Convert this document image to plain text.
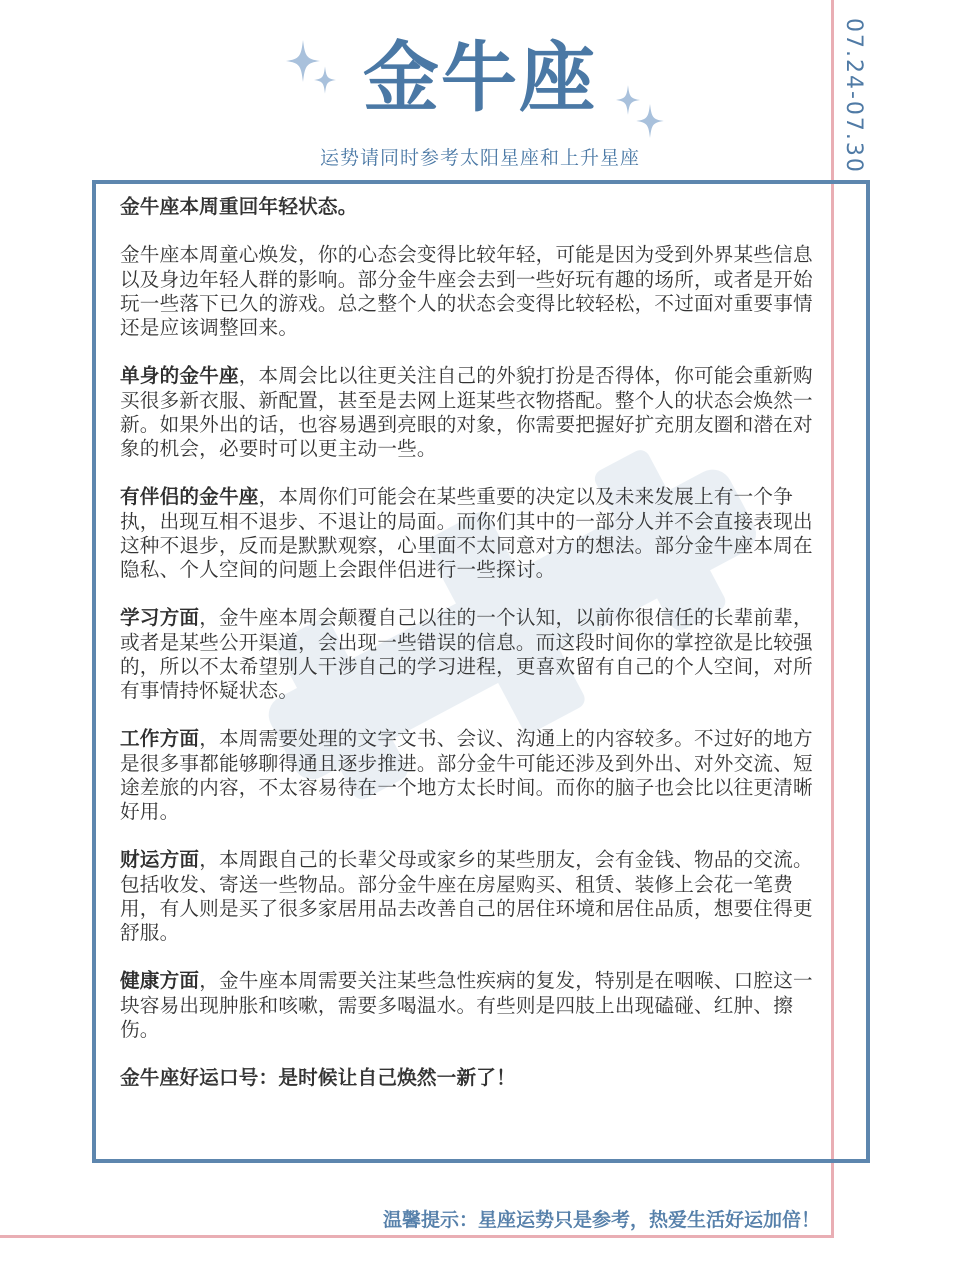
07.24-07.30
金牛座
运势请同时参考太阳星座和上升星座

金牛座本周重回年轻状态。

金牛座本周童心焕发，你的心态会变得比较年轻，可能是因为受到外界某些信息以及身边年轻人群的影响。部分金牛座会去到一些好玩有趣的场所，或者是开始玩一些落下已久的游戏。总之整个人的状态会变得比较轻松，不过面对重要事情还是应该调整回来。

单身的金牛座，本周会比以往更关注自己的外貌打扮是否得体，你可能会重新购买很多新衣服、新配置，甚至是去网上逛某些衣物搭配。整个人的状态会焕然一新。如果外出的话，也容易遇到亮眼的对象，你需要把握好扩充朋友圈和潜在对象的机会，必要时可以更主动一些。

有伴侣的金牛座，本周你们可能会在某些重要的决定以及未来发展上有一个争执，出现互相不退步、不退让的局面。而你们其中的一部分人并不会直接表现出这种不退步，反而是默默观察，心里面不太同意对方的想法。部分金牛座本周在隐私、个人空间的问题上会跟伴侣进行一些探讨。

学习方面，金牛座本周会颠覆自己以往的一个认知，以前你很信任的长辈前辈，或者是某些公开渠道，会出现一些错误的信息。而这段时间你的掌控欲是比较强的，所以不太希望别人干涉自己的学习进程，更喜欢留有自己的个人空间，对所有事情持怀疑状态。

工作方面，本周需要处理的文字文书、会议、沟通上的内容较多。不过好的地方是很多事都能够聊得通且逐步推进。部分金牛可能还涉及到外出、对外交流、短途差旅的内容，不太容易待在一个地方太长时间。而你的脑子也会比以往更清晰好用。

财运方面，本周跟自己的长辈父母或家乡的某些朋友，会有金钱、物品的交流。包括收发、寄送一些物品。部分金牛座在房屋购买、租赁、装修上会花一笔费用，有人则是买了很多家居用品去改善自己的居住环境和居住品质，想要住得更舒服。

健康方面，金牛座本周需要关注某些急性疾病的复发，特别是在咽喉、口腔这一块容易出现肿胀和咳嗽，需要多喝温水。有些则是四肢上出现磕碰、红肿、擦伤。

金牛座好运口号：是时候让自己焕然一新了！

温馨提示：星座运势只是参考，热爱生活好运加倍！
